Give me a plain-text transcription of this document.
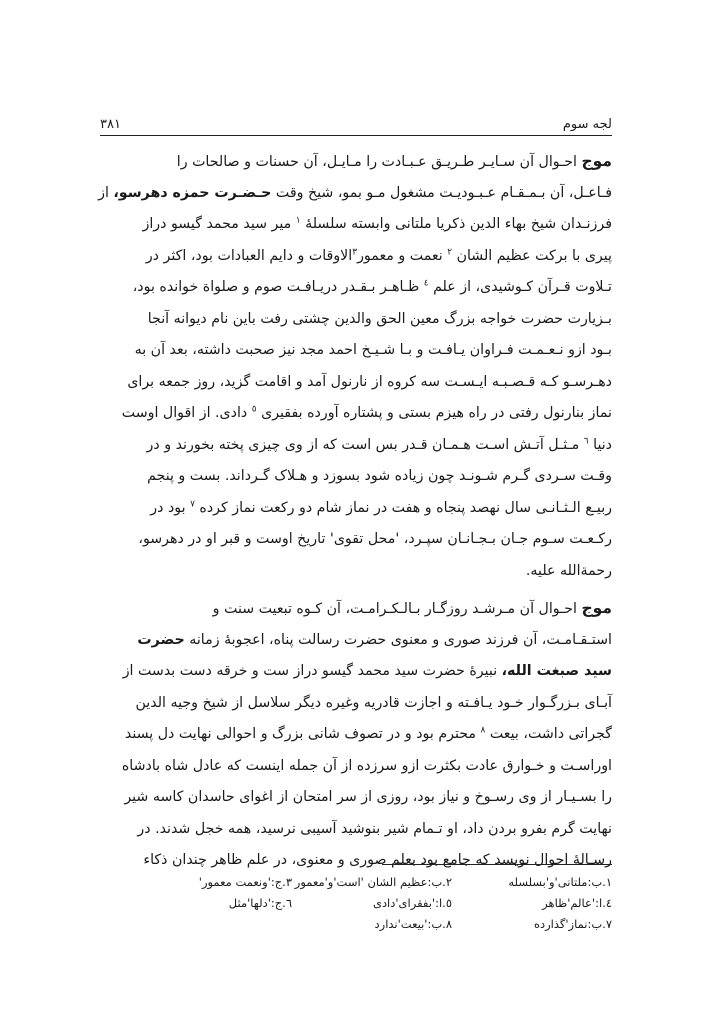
لجه سوم
۳۸۱
موج احـوال آن سـایـر طـریـق عـبـادت را مـایـل، آن حسنات و صالحات را
فـاعـل، آن بـمـقـام عـبـودیـت مشغول مـو بمو، شیخ وقت حـضـرت حمزه دهرسو، از
فرزنـدان شیخ بهاء الدین ذکریا ملتانی وابسته سلسلهٔ $^۱$ میر سید محمد گیسو دراز
پیری با برکت عظیم الشان $^۲$ نعمت و معمور$^۳$الاوقات و دایم العبادات بود، اکثر در
تـلاوت قـرآن کـوشیدی، از علم $^٤$ ظـاهـر بـقـدر دریـافـت صوم و صلواة خوانده بود،
بـزیارت حضرت خواجه بزرگ معین الحق والدین چشتی رفت باین نام دیوانه آنجا
بـود ازو نـعـمـت فـراوان یـافـت و بـا شـیـخ احمد مجد نیز صحبت داشته، بعد آن به
دهـرسـو کـه قـصـبـه ایـسـت سه کروه از نارنول آمد و اقامت گزید، روز جمعه برای
نماز بنارنول رفتی در راه هیزم بستی و پشتاره آورده بفقیری $^٥$ دادی. از اقوال اوست
دنیا $^٦$ مـثـل آتـش اسـت هـمـان قـدر بس است که از وی چیزی پخته بخورند و در
وقـت سـردی گـرم شـونـد چون زیاده شود بسوزد و هـلاک گـرداند. بست و پنجم
ربیـع الـثـانـی سال نهصد پنجاه و هفت در نماز شام دو رکعت نماز کرده $^۷$ بود در
رکـعـت سـوم جـان بـجـانـان سپـرد، 'محل تقوی' تاریخ اوست و قبر او در دهرسو،
رحمةالله علیه.
موج احـوال آن مـرشـد روزگـار بـالـکـرامـت، آن کـوه تبعیت سنت و
استـقـامـت، آن فرزند صوری و معنوی حضرت رسالت پناه، اعجوبهٔ زمانه حضرت
سید صبغت الله، نبیرهٔ حضرت سید محمد گیسو دراز ست و خرقه دست بدست از
آبـای بـزرگـوار خـود یـافـته و اجازت قادریه وغیره دیگر سلاسل از شیخ وجیه الدین
گجراتی داشت، بیعت $^۸$ محترم بود و در تصوف شانی بزرگ و احوالی نهایت دل پسند
اوراسـت و خـوارق عادت بکثرت ازو سرزده از آن جمله اینست که عادل شاه بادشاه
را بسـیـار از وی رسـوخ و نیاز بود، روزی از سر امتحان از اغوای حاسدان کاسه شیر
نهایت گرم بفرو بردن داد، او تـمام شیر بنوشید آسیبی نرسید، همه خجل شدند. در
رسـالهٔ احوال نویسد که جامع بود بعلم صوری و معنوی، در علم ظاهر چندان ذکاء
۱.ب:ملتانی'و'بسلسله
۲.ب:عظیم الشان 'است'و'معمور
۳.ج:'ونعمت معمور'
٤.ا:'عالم'ظاهر
٥.ا:'بفقرای'دادی
٦.ج:'دلها'مثل
۷.ب:نماز'گذارده
۸.ب:'بیعت'ندارد
